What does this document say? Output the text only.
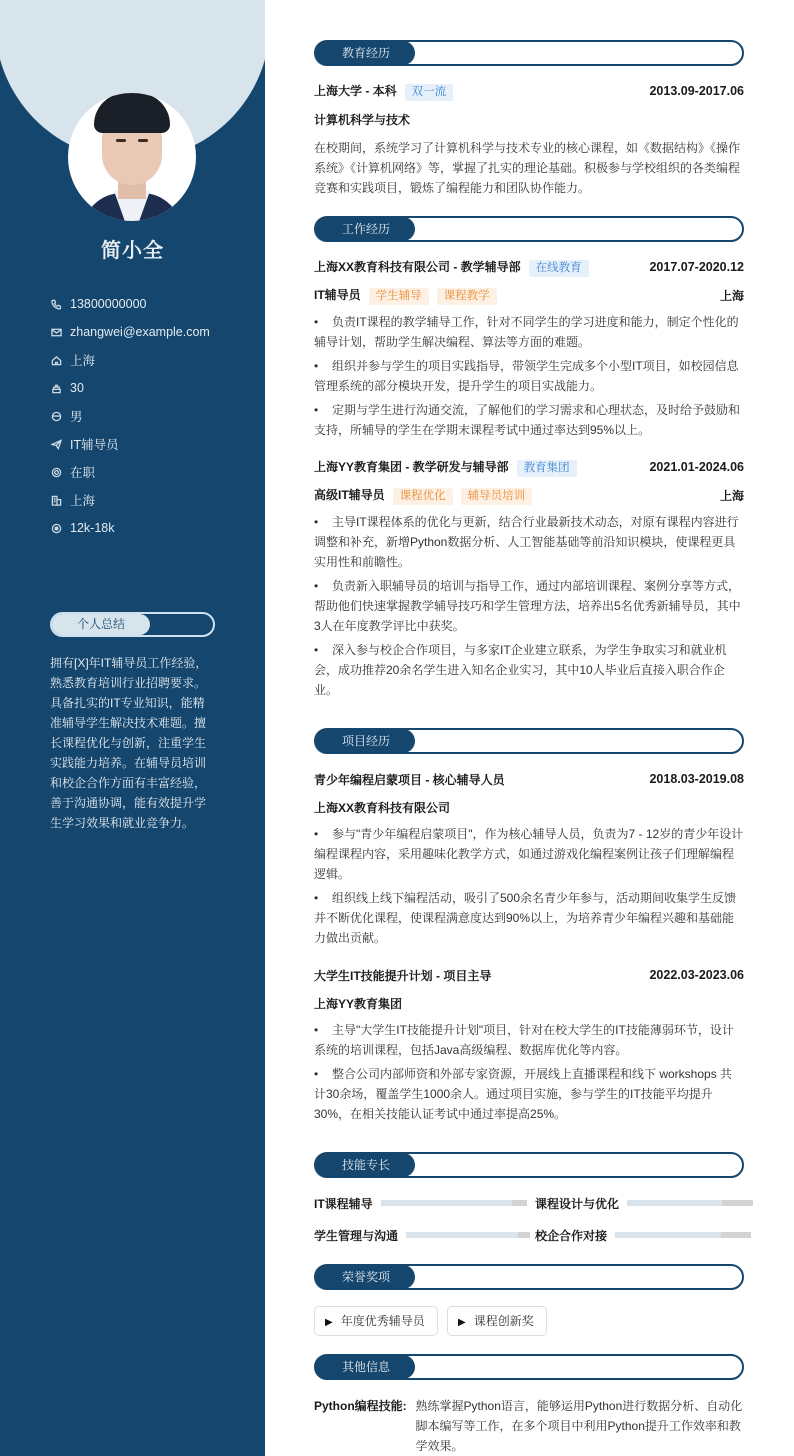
简小全
13800000000
zhangwei@example.com
上海
30
男
IT辅导员
在职
上海
12k-18k
个人总结
拥有[X]年IT辅导员工作经验，熟悉教育培训行业招聘要求。具备扎实的IT专业知识，能精准辅导学生解决技术难题。擅长课程优化与创新，注重学生实践能力培养。在辅导员培训和校企合作方面有丰富经验，善于沟通协调，能有效提升学生学习效果和就业竞争力。
教育经历
上海大学 - 本科 双一流	2013.09-2017.06
计算机科学与技术
在校期间，系统学习了计算机科学与技术专业的核心课程，如《数据结构》《操作系统》《计算机网络》等，掌握了扎实的理论基础。积极参与学校组织的各类编程竞赛和实践项目，锻炼了编程能力和团队协作能力。
工作经历
上海XX教育科技有限公司 - 教学辅导部 在线教育	2017.07-2020.12
IT辅导员 学生辅导 课程教学	上海
• 负责IT课程的教学辅导工作，针对不同学生的学习进度和能力，制定个性化的辅导计划，帮助学生解决编程、算法等方面的难题。
• 组织并参与学生的项目实践指导，带领学生完成多个小型IT项目，如校园信息管理系统的部分模块开发，提升学生的项目实战能力。
• 定期与学生进行沟通交流，了解他们的学习需求和心理状态，及时给予鼓励和支持，所辅导的学生在学期末课程考试中通过率达到95%以上。
上海YY教育集团 - 教学研发与辅导部 教育集团	2021.01-2024.06
高级IT辅导员 课程优化 辅导员培训	上海
• 主导IT课程体系的优化与更新，结合行业最新技术动态，对原有课程内容进行调整和补充，新增Python数据分析、人工智能基础等前沿知识模块，使课程更具实用性和前瞻性。
• 负责新入职辅导员的培训与指导工作，通过内部培训课程、案例分享等方式，帮助他们快速掌握教学辅导技巧和学生管理方法，培养出5名优秀新辅导员，其中3人在年度教学评比中获奖。
• 深入参与校企合作项目，与多家IT企业建立联系，为学生争取实习和就业机会，成功推荐20余名学生进入知名企业实习，其中10人毕业后直接入职合作企业。
项目经历
青少年编程启蒙项目 - 核心辅导人员	2018.03-2019.08
上海XX教育科技有限公司
• 参与"青少年编程启蒙项目"，作为核心辅导人员，负责为7 - 12岁的青少年设计编程课程内容，采用趣味化教学方式，如通过游戏化编程案例让孩子们理解编程逻辑。
• 组织线上线下编程活动，吸引了500余名青少年参与，活动期间收集学生反馈并不断优化课程，使课程满意度达到90%以上，为培养青少年编程兴趣和基础能力做出贡献。
大学生IT技能提升计划 - 项目主导	2022.03-2023.06
上海YY教育集团
• 主导"大学生IT技能提升计划"项目，针对在校大学生的IT技能薄弱环节，设计系统的培训课程，包括Java高级编程、数据库优化等内容。
• 整合公司内部师资和外部专家资源，开展线上直播课程和线下 workshops 共计30余场，覆盖学生1000余人。通过项目实施，参与学生的IT技能平均提升30%，在相关技能认证考试中通过率提高25%。
技能专长
IT课程辅导	课程设计与优化
学生管理与沟通	校企合作对接
荣誉奖项
▶ 年度优秀辅导员	▶ 课程创新奖
其他信息
Python编程技能: 熟练掌握Python语言，能够运用Python进行数据分析、自动化脚本编写等工作，在多个项目中利用Python提升工作效率和教学效果。
